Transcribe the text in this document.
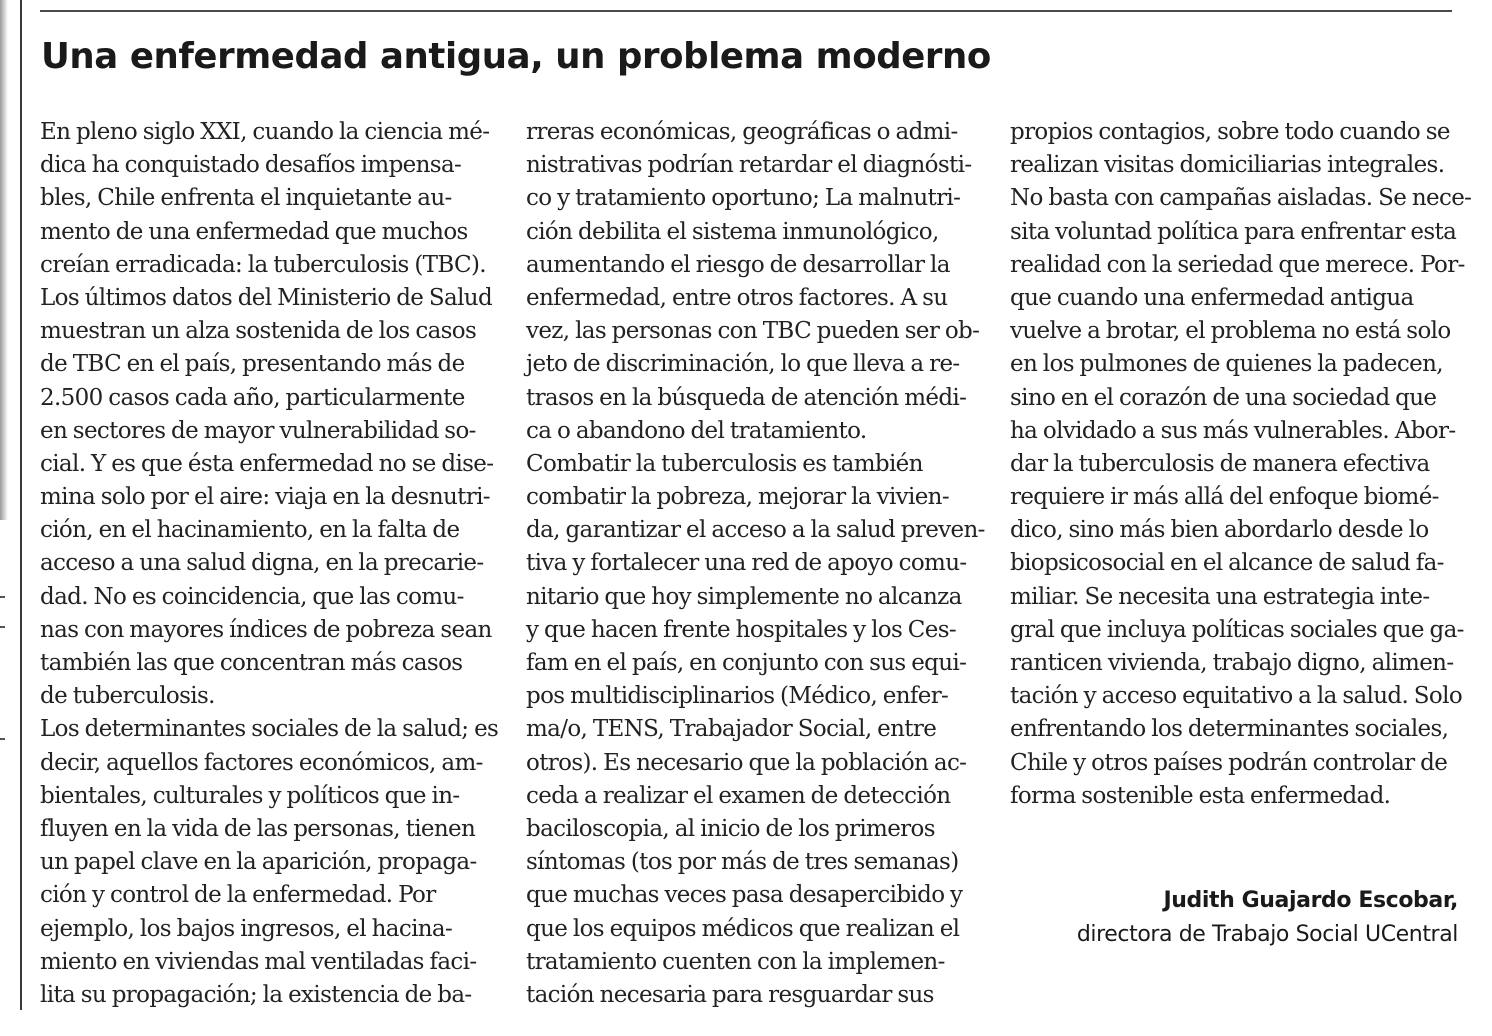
Una enfermedad antigua, un problema moderno
En pleno siglo XXI, cuando la ciencia mé-
dica ha conquistado desafíos impensa-
bles, Chile enfrenta el inquietante au-
mento de una enfermedad que muchos
creían erradicada: la tuberculosis (TBC).
Los últimos datos del Ministerio de Salud
muestran un alza sostenida de los casos
de TBC en el país, presentando más de
2.500 casos cada año, particularmente
en sectores de mayor vulnerabilidad so-
cial. Y es que ésta enfermedad no se dise-
mina solo por el aire: viaja en la desnutri-
ción, en el hacinamiento, en la falta de
acceso a una salud digna, en la precarie-
dad. No es coincidencia, que las comu-
nas con mayores índices de pobreza sean
también las que concentran más casos
de tuberculosis.
Los determinantes sociales de la salud; es
decir, aquellos factores económicos, am-
bientales, culturales y políticos que in-
fluyen en la vida de las personas, tienen
un papel clave en la aparición, propaga-
ción y control de la enfermedad. Por
ejemplo, los bajos ingresos, el hacina-
miento en viviendas mal ventiladas faci-
lita su propagación; la existencia de ba-
rreras económicas, geográficas o admi-
nistrativas podrían retardar el diagnósti-
co y tratamiento oportuno; La malnutri-
ción debilita el sistema inmunológico,
aumentando el riesgo de desarrollar la
enfermedad, entre otros factores. A su
vez, las personas con TBC pueden ser ob-
jeto de discriminación, lo que lleva a re-
trasos en la búsqueda de atención médi-
ca o abandono del tratamiento.
Combatir la tuberculosis es también
combatir la pobreza, mejorar la vivien-
da, garantizar el acceso a la salud preven-
tiva y fortalecer una red de apoyo comu-
nitario que hoy simplemente no alcanza
y que hacen frente hospitales y los Ces-
fam en el país, en conjunto con sus equi-
pos multidisciplinarios (Médico, enfer-
ma/o, TENS, Trabajador Social, entre
otros). Es necesario que la población ac-
ceda a realizar el examen de detección
baciloscopia, al inicio de los primeros
síntomas (tos por más de tres semanas)
que muchas veces pasa desapercibido y
que los equipos médicos que realizan el
tratamiento cuenten con la implemen-
tación necesaria para resguardar sus
propios contagios, sobre todo cuando se
realizan visitas domiciliarias integrales.
No basta con campañas aisladas. Se nece-
sita voluntad política para enfrentar esta
realidad con la seriedad que merece. Por-
que cuando una enfermedad antigua
vuelve a brotar, el problema no está solo
en los pulmones de quienes la padecen,
sino en el corazón de una sociedad que
ha olvidado a sus más vulnerables. Abor-
dar la tuberculosis de manera efectiva
requiere ir más allá del enfoque biomé-
dico, sino más bien abordarlo desde lo
biopsicosocial en el alcance de salud fa-
miliar. Se necesita una estrategia inte-
gral que incluya políticas sociales que ga-
ranticen vivienda, trabajo digno, alimen-
tación y acceso equitativo a la salud. Solo
enfrentando los determinantes sociales,
Chile y otros países podrán controlar de
forma sostenible esta enfermedad.
Judith Guajardo Escobar,
directora de Trabajo Social UCentral
